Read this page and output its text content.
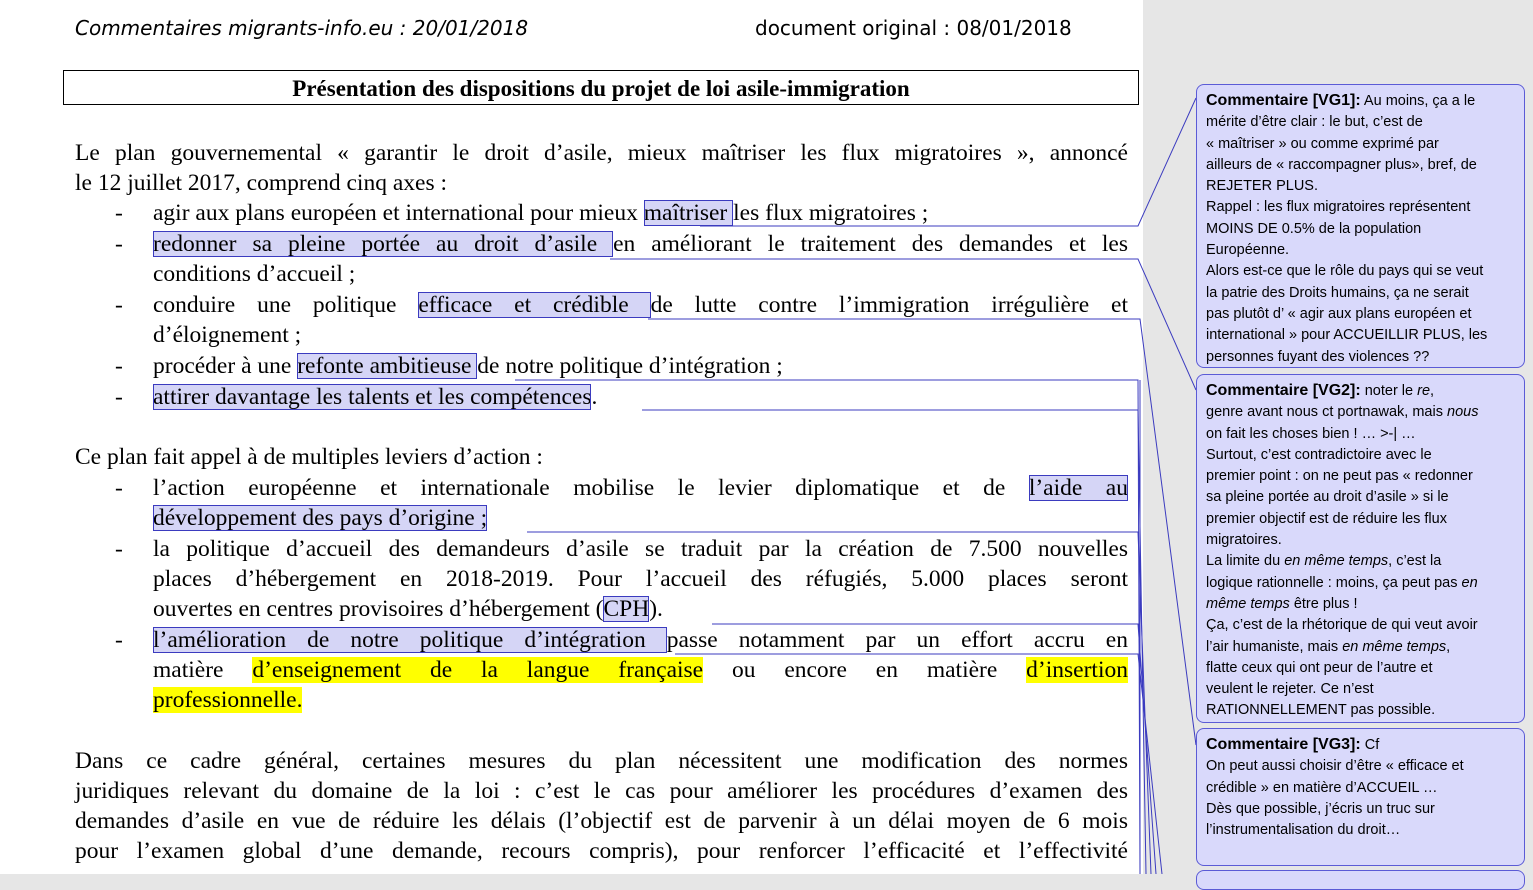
Commentaires migrants-info.eu : 20/01/2018	document original : 08/01/2018
Présentation des dispositions du projet de loi asile-immigration
Le plan gouvernemental « garantir le droit d’asile, mieux maîtriser les flux migratoires », annoncé
le 12 juillet 2017, comprend cinq axes :
- agir aux plans européen et international pour mieux maîtriser les flux migratoires ;
- redonner sa pleine portée au droit d’asile en améliorant le traitement des demandes et les
conditions d’accueil ;
- conduire une politique efficace et crédible de lutte contre l’immigration irrégulière et
d’éloignement ;
- procéder à une refonte ambitieuse de notre politique d’intégration ;
- attirer davantage les talents et les compétences.
Ce plan fait appel à de multiples leviers d’action :
- l’action européenne et internationale mobilise le levier diplomatique et de l’aide au
développement des pays d’origine ;
- la politique d’accueil des demandeurs d’asile se traduit par la création de 7.500 nouvelles
places d’hébergement en 2018-2019. Pour l’accueil des réfugiés, 5.000 places seront
ouvertes en centres provisoires d’hébergement (CPH).
- l’amélioration de notre politique d’intégration passe notamment par un effort accru en
matière d’enseignement de la langue française ou encore en matière d’insertion
professionnelle.
Dans ce cadre général, certaines mesures du plan nécessitent une modification des normes
juridiques relevant du domaine de la loi : c’est le cas pour améliorer les procédures d’examen des
demandes d’asile en vue de réduire les délais (l’objectif est de parvenir à un délai moyen de 6 mois
pour l’examen global d’une demande, recours compris), pour renforcer l’efficacité et l’effectivité
Commentaire [VG1]: Au moins, ça a le
mérite d’être clair : le but, c’est de
« maîtriser » ou comme exprimé par
ailleurs de « raccompagner plus», bref, de
REJETER PLUS.
Rappel : les flux migratoires représentent
MOINS DE 0.5% de la population
Européenne.
Alors est-ce que le rôle du pays qui se veut
la patrie des Droits humains, ça ne serait
pas plutôt d’ « agir aux plans européen et
international » pour ACCUEILLIR PLUS, les
personnes fuyant des violences ??
Commentaire [VG2]: noter le re,
genre avant nous ct portnawak, mais nous
on fait les choses bien ! … >-| …
Surtout, c’est contradictoire avec le
premier point : on ne peut pas « redonner
sa pleine portée au droit d’asile » si le
premier objectif est de réduire les flux
migratoires.
La limite du en même temps, c’est la
logique rationnelle : moins, ça peut pas en
même temps être plus !
Ça, c’est de la rhétorique de qui veut avoir
l’air humaniste, mais en même temps,
flatte ceux qui ont peur de l’autre et
veulent le rejeter. Ce n’est
RATIONNELLEMENT pas possible.
Commentaire [VG3]: Cf
On peut aussi choisir d’être « efficace et
crédible » en matière d’ACCUEIL …
Dès que possible, j’écris un truc sur
l’instrumentalisation du droit…
